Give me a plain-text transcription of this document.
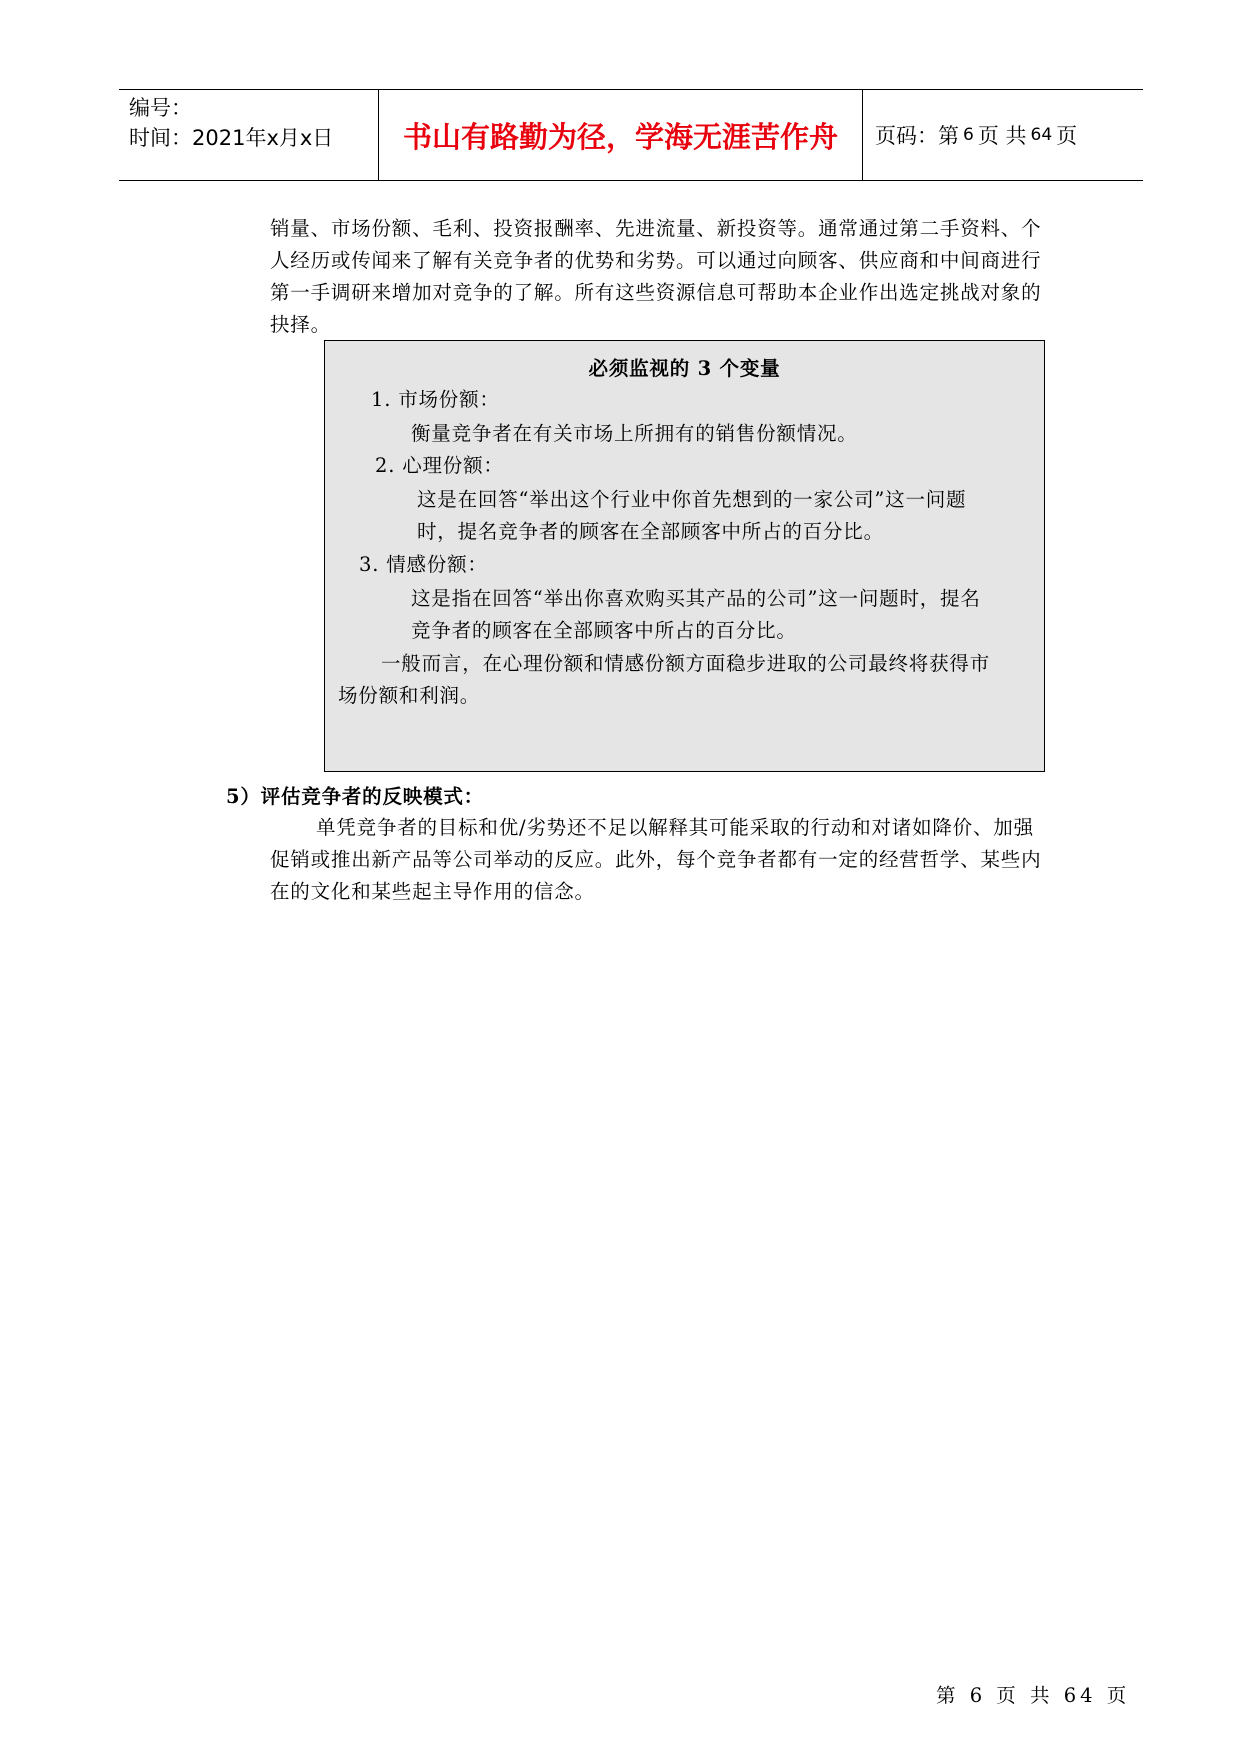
编号：
时间：2021年x月x日	书山有路勤为径，学海无涯苦作舟	页码：第 6 页 共 64 页
销量、市场份额、毛利、投资报酬率、先进流量、新投资等。通常通过第二手资料、个
人经历或传闻来了解有关竞争者的优势和劣势。可以通过向顾客、供应商和中间商进行
第一手调研来增加对竞争的了解。所有这些资源信息可帮助本企业作出选定挑战对象的
抉择。
必须监视的 3 个变量
1. 市场份额：
衡量竞争者在有关市场上所拥有的销售份额情况。
2. 心理份额：
这是在回答“举出这个行业中你首先想到的一家公司”这一问题
时，提名竞争者的顾客在全部顾客中所占的百分比。
3. 情感份额：
这是指在回答“举出你喜欢购买其产品的公司”这一问题时，提名
竞争者的顾客在全部顾客中所占的百分比。
一般而言，在心理份额和情感份额方面稳步进取的公司最终将获得市
场份额和利润。
5）评估竞争者的反映模式：
单凭竞争者的目标和优/劣势还不足以解释其可能采取的行动和对诸如降价、加强
促销或推出新产品等公司举动的反应。此外，每个竞争者都有一定的经营哲学、某些内
在的文化和某些起主导作用的信念。
第 6 页 共 64 页
